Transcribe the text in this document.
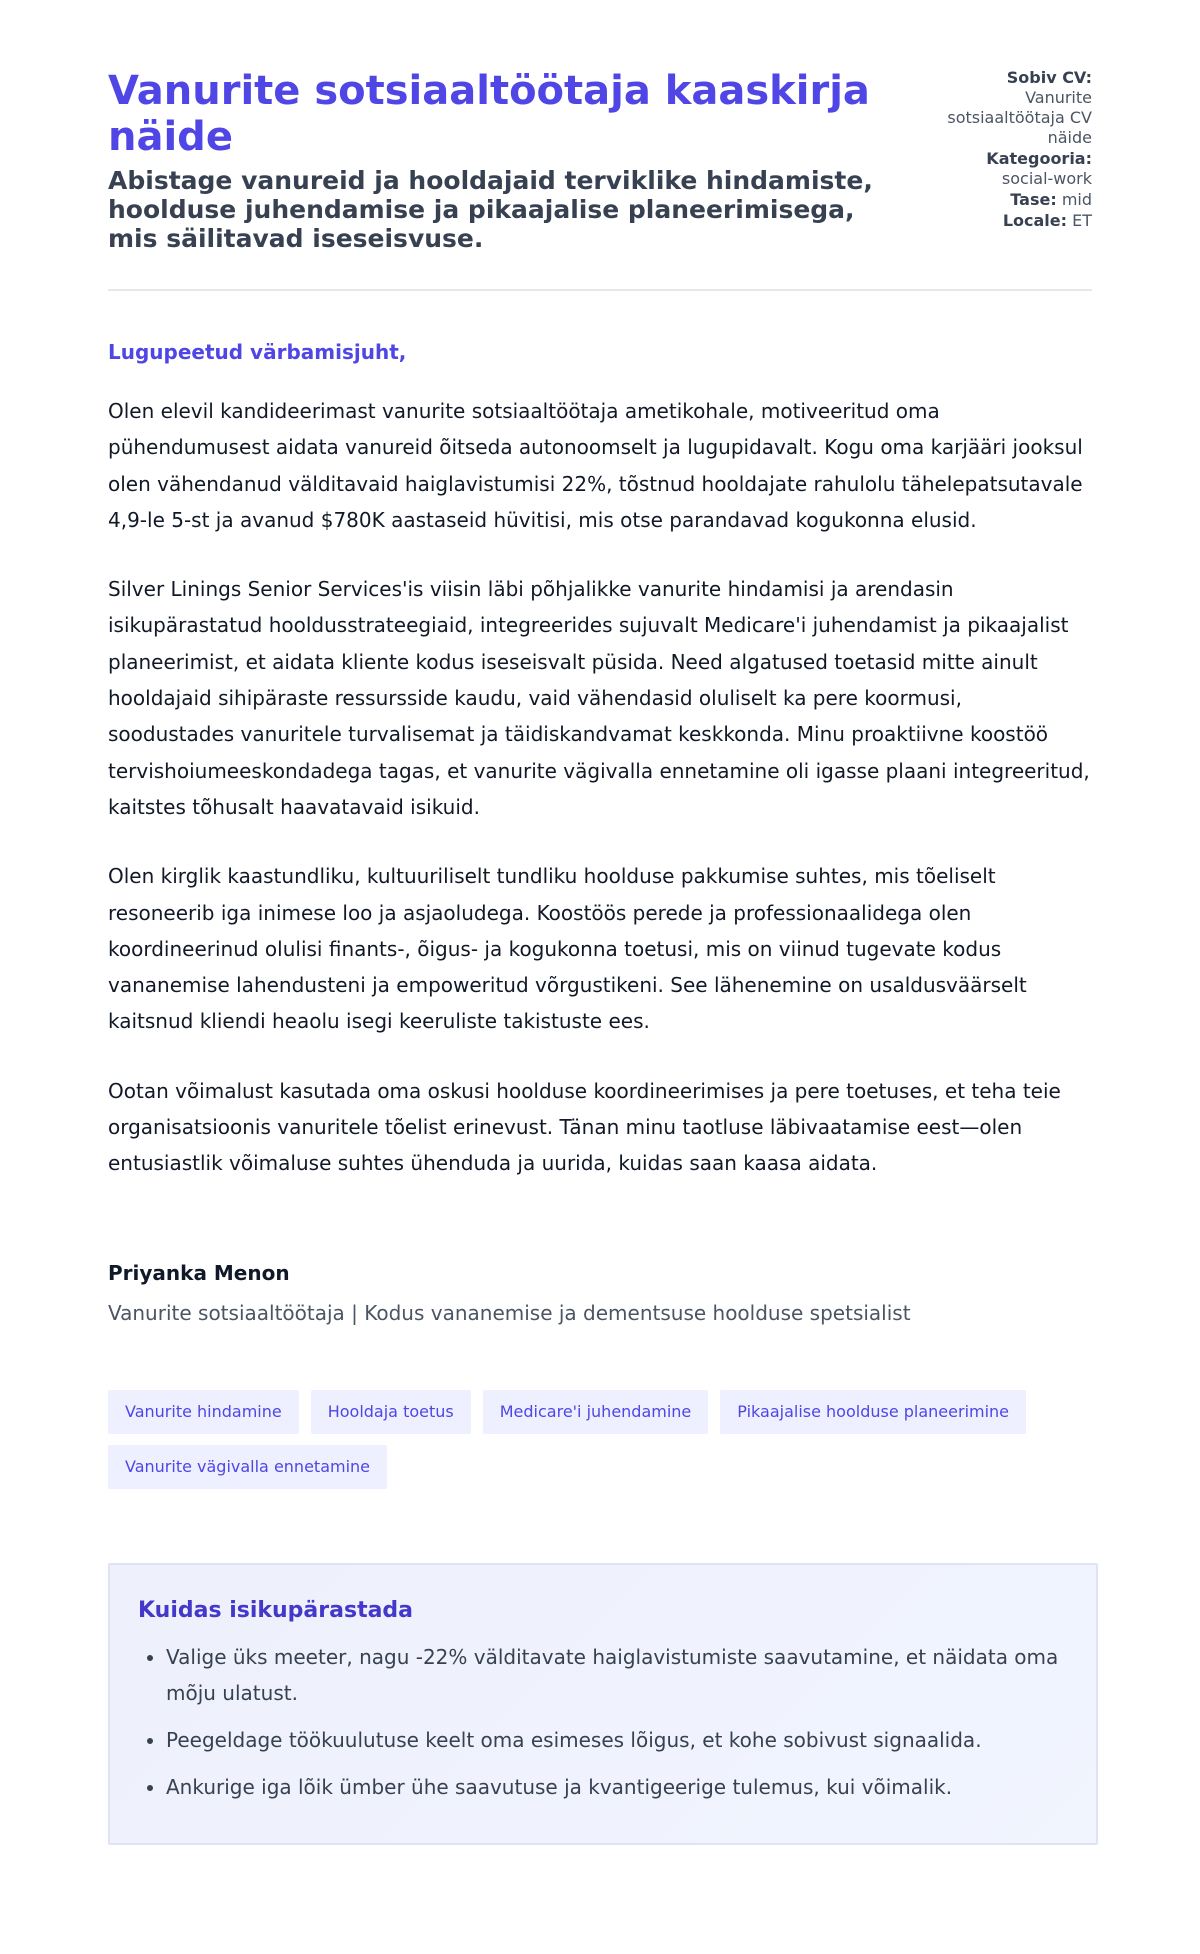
Vanurite sotsiaaltöötaja kaaskirja näide
Abistage vanureid ja hooldajaid terviklike hindamiste, hoolduse juhendamise ja pikaajalise planeerimisega, mis säilitavad iseseisvuse.
Sobiv CV:
Vanurite sotsiaaltöötaja CV näide
Kategooria:
social-work
Tase: mid
Locale: ET

Lugupeetud värbamisjuht,

Olen elevil kandideerimast vanurite sotsiaaltöötaja ametikohale, motiveeritud oma pühendumusest aidata vanureid õitseda autonoomselt ja lugupidavalt. Kogu oma karjääri jooksul olen vähendanud välditavaid haiglavistumisi 22%, tõstnud hooldajate rahulolu tähelepatsutavale 4,9-le 5-st ja avanud $780K aastaseid hüvitisi, mis otse parandavad kogukonna elusid.

Silver Linings Senior Services'is viisin läbi põhjalikke vanurite hindamisi ja arendasin isikupärastatud hooldusstrateegiaid, integreerides sujuvalt Medicare'i juhendamist ja pikaajalist planeerimist, et aidata kliente kodus iseseisvalt püsida. Need algatused toetasid mitte ainult hooldajaid sihipäraste ressursside kaudu, vaid vähendasid oluliselt ka pere koormusi, soodustades vanuritele turvalisemat ja täidiskandvamat keskkonda. Minu proaktiivne koostöö tervishoiumeeskondadega tagas, et vanurite vägivalla ennetamine oli igasse plaani integreeritud, kaitstes tõhusalt haavatavaid isikuid.

Olen kirglik kaastundliku, kultuuriliselt tundliku hoolduse pakkumise suhtes, mis tõeliselt resoneerib iga inimese loo ja asjaoludega. Koostöös perede ja professionaalidega olen koordineerinud olulisi finants-, õigus- ja kogukonna toetusi, mis on viinud tugevate kodus vananemise lahendusteni ja empoweritud võrgustikeni. See lähenemine on usaldusväärselt kaitsnud kliendi heaolu isegi keeruliste takistuste ees.

Ootan võimalust kasutada oma oskusi hoolduse koordineerimises ja pere toetuses, et teha teie organisatsioonis vanuritele tõelist erinevust. Tänan minu taotluse läbivaatamise eest—olen entusiastlik võimaluse suhtes ühenduda ja uurida, kuidas saan kaasa aidata.

Priyanka Menon
Vanurite sotsiaaltöötaja | Kodus vananemise ja dementsuse hoolduse spetsialist
Vanurite hindamine	Hooldaja toetus	Medicare'i juhendamine	Pikaajalise hoolduse planeerimine
Vanurite vägivalla ennetamine
Kuidas isikupärastada
• Valige üks meeter, nagu -22% välditavate haiglavistumiste saavutamine, et näidata oma mõju ulatust.
• Peegeldage töökuulutuse keelt oma esimeses lõigus, et kohe sobivust signaalida.
• Ankurige iga lõik ümber ühe saavutuse ja kvantigeerige tulemus, kui võimalik.
